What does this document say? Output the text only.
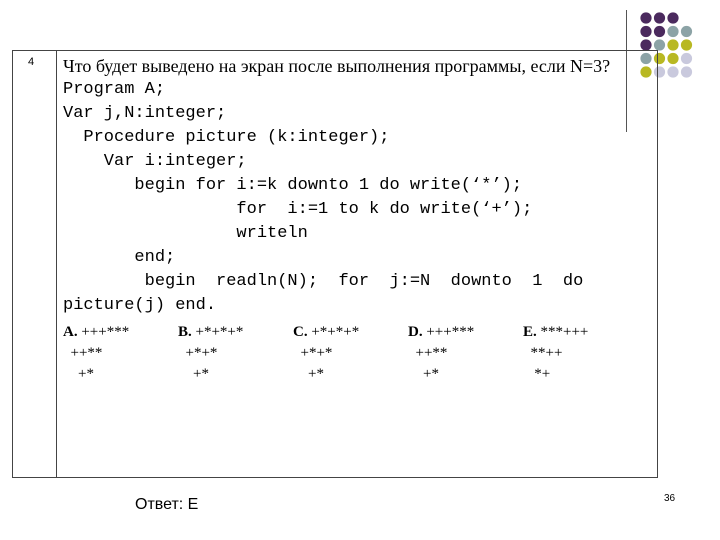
4 Что будет выведено на экран после выполнения программы, если N=3?
Program A;
Var j,N:integer;
Procedure picture (k:integer);
Var i:integer;
begin for i:=k downto 1 do write(‘*’);
for  i:=1 to k do write(‘+’);
writeln
end;
begin  readln(N);  for  j:=N  downto  1  do
picture(j) end.
A. +++***
++**
+*
B. +*+*+*
+*+*
+*
C. +*+*+*
+*+*
+*
D. +++***
++**
+*
E. ***+++
**++
*+
Ответ: Е	36
